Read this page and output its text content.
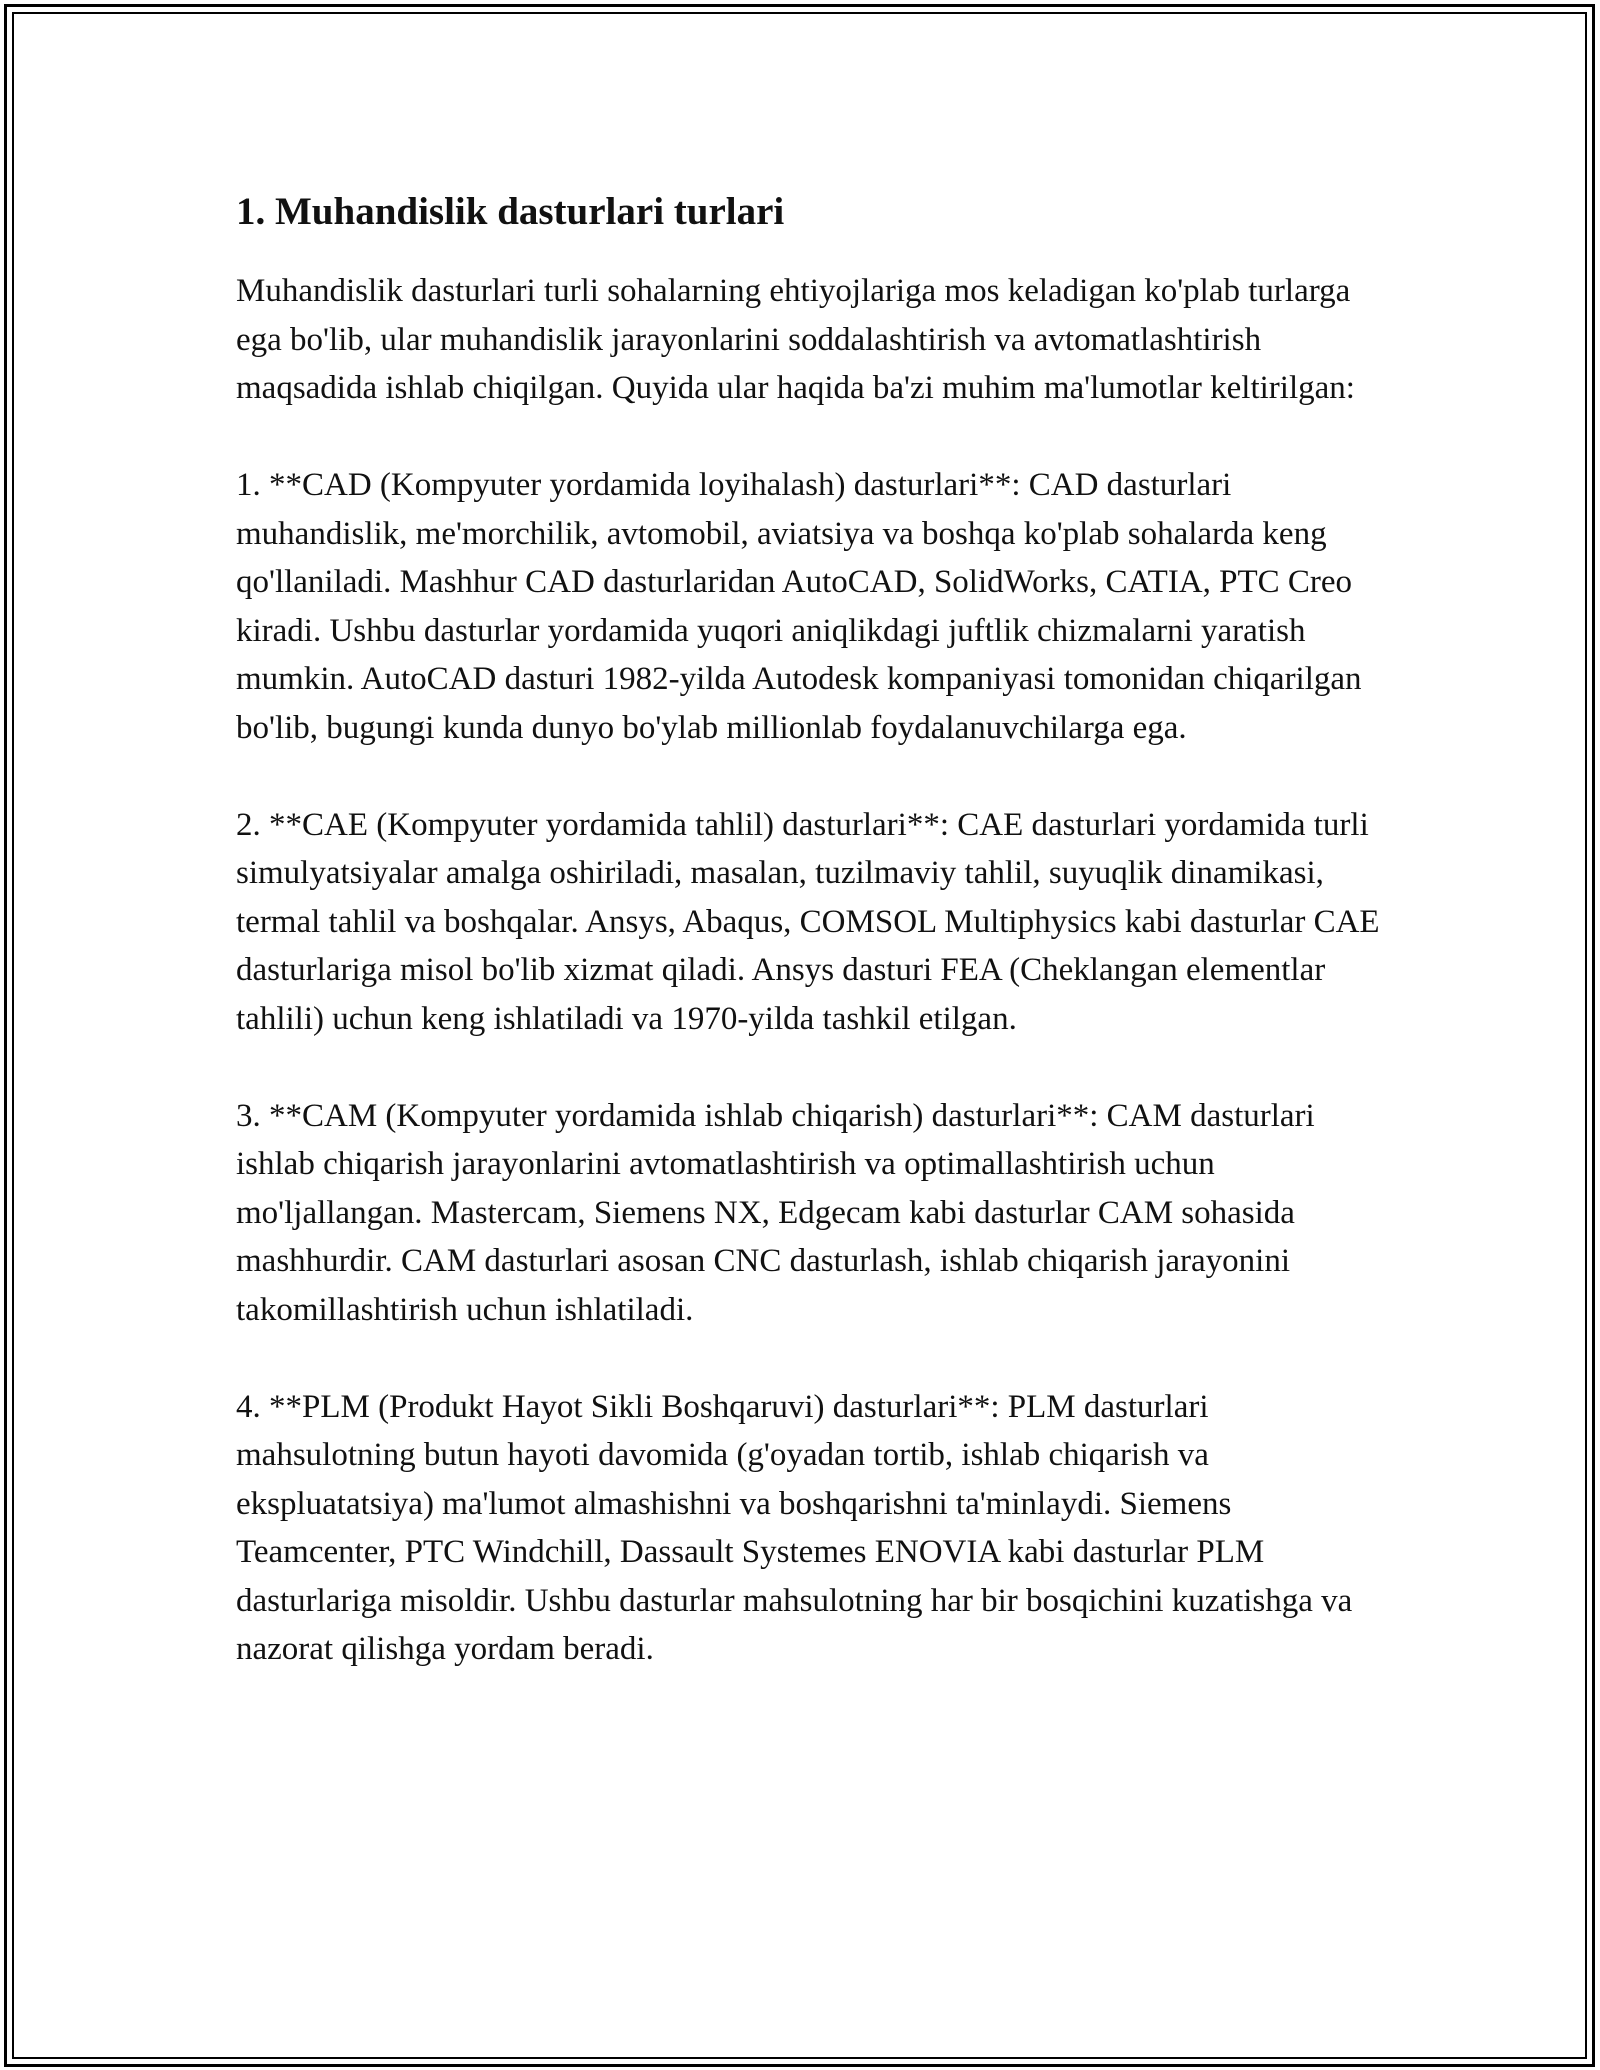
1. Muhandislik dasturlari turlari

Muhandislik dasturlari turli sohalarning ehtiyojlariga mos keladigan ko'plab turlarga ega bo'lib, ular muhandislik jarayonlarini soddalashtirish va avtomatlashtirish maqsadida ishlab chiqilgan. Quyida ular haqida ba'zi muhim ma'lumotlar keltirilgan:

1. **CAD (Kompyuter yordamida loyihalash) dasturlari**: CAD dasturlari muhandislik, me'morchilik, avtomobil, aviatsiya va boshqa ko'plab sohalarda keng qo'llaniladi. Mashhur CAD dasturlaridan AutoCAD, SolidWorks, CATIA, PTC Creo kiradi. Ushbu dasturlar yordamida yuqori aniqlikdagi juftlik chizmalarni yaratish mumkin. AutoCAD dasturi 1982-yilda Autodesk kompaniyasi tomonidan chiqarilgan bo'lib, bugungi kunda dunyo bo'ylab millionlab foydalanuvchilarga ega.

2. **CAE (Kompyuter yordamida tahlil) dasturlari**: CAE dasturlari yordamida turli simulyatsiyalar amalga oshiriladi, masalan, tuzilmaviy tahlil, suyuqlik dinamikasi, termal tahlil va boshqalar. Ansys, Abaqus, COMSOL Multiphysics kabi dasturlar CAE dasturlariga misol bo'lib xizmat qiladi. Ansys dasturi FEA (Cheklangan elementlar tahlili) uchun keng ishlatiladi va 1970-yilda tashkil etilgan.

3. **CAM (Kompyuter yordamida ishlab chiqarish) dasturlari**: CAM dasturlari ishlab chiqarish jarayonlarini avtomatlashtirish va optimallashtirish uchun mo'ljallangan. Mastercam, Siemens NX, Edgecam kabi dasturlar CAM sohasida mashhurdir. CAM dasturlari asosan CNC dasturlash, ishlab chiqarish jarayonini takomillashtirish uchun ishlatiladi.

4. **PLM (Produkt Hayot Sikli Boshqaruvi) dasturlari**: PLM dasturlari mahsulotning butun hayoti davomida (g'oyadan tortib, ishlab chiqarish va ekspluatatsiya) ma'lumot almashishni va boshqarishni ta'minlaydi. Siemens Teamcenter, PTC Windchill, Dassault Systemes ENOVIA kabi dasturlar PLM dasturlariga misoldir. Ushbu dasturlar mahsulotning har bir bosqichini kuzatishga va nazorat qilishga yordam beradi.
